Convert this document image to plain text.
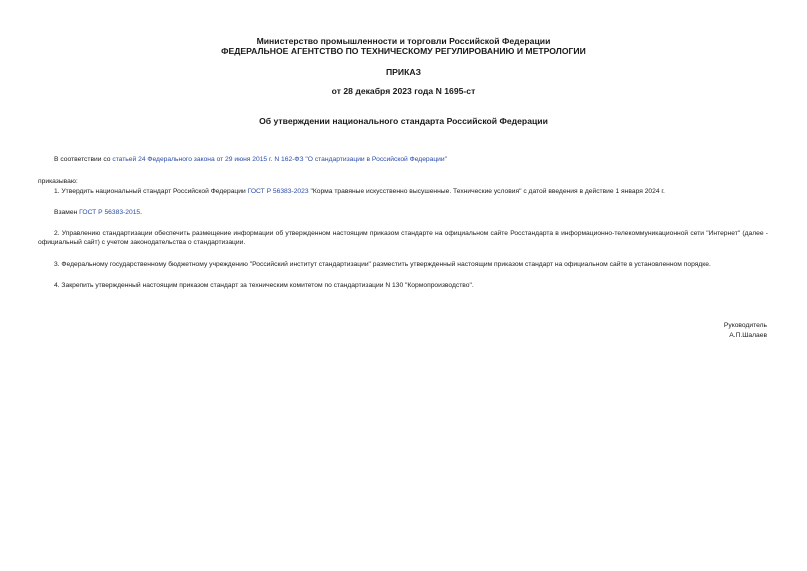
Министерство промышленности и торговли Российской Федерации
ФЕДЕРАЛЬНОЕ АГЕНТСТВО ПО ТЕХНИЧЕСКОМУ РЕГУЛИРОВАНИЮ И МЕТРОЛОГИИ
ПРИКАЗ
от 28 декабря 2023 года N 1695-ст
Об утверждении национального стандарта Российской Федерации
В соответствии со статьей 24 Федерального закона от 29 июня 2015 г. N 162-ФЗ "О стандартизации в Российской Федерации"
приказываю:
1. Утвердить национальный стандарт Российской Федерации ГОСТ Р 56383-2023 "Корма травяные искусственно высушенные. Технические условия" с датой введения в действие 1 января 2024 г.
Взамен ГОСТ Р 56383-2015.
2. Управлению стандартизации обеспечить размещение информации об утвержденном настоящим приказом стандарте на официальном сайте Росстандарта в информационно-телекоммуникационной сети "Интернет" (далее - официальный сайт) с учетом законодательства о стандартизации.
3. Федеральному государственному бюджетному учреждению "Российский институт стандартизации" разместить утвержденный настоящим приказом стандарт на официальном сайте в установленном порядке.
4. Закрепить утвержденный настоящим приказом стандарт за техническим комитетом по стандартизации N 130 "Кормопроизводство".
Руководитель
А.П.Шалаев
